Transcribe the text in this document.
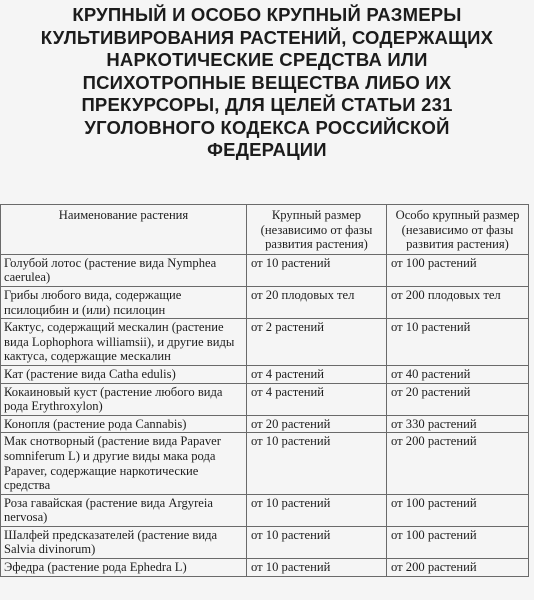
КРУПНЫЙ И ОСОБО КРУПНЫЙ РАЗМЕРЫ
КУЛЬТИВИРОВАНИЯ РАСТЕНИЙ, СОДЕРЖАЩИХ
НАРКОТИЧЕСКИЕ СРЕДСТВА ИЛИ
ПСИХОТРОПНЫЕ ВЕЩЕСТВА ЛИБО ИХ
ПРЕКУРСОРЫ, ДЛЯ ЦЕЛЕЙ СТАТЬИ 231
УГОЛОВНОГО КОДЕКСА РОССИЙСКОЙ
ФЕДЕРАЦИИ
Наименование растения	Крупный размер (независимо от фазы развития растения)	Особо крупный размер (независимо от фазы развития растения)
Голубой лотос (растение вида Nymphea caerulea)	от 10 растений	от 100 растений
Грибы любого вида, содержащие псилоцибин и (или) псилоцин	от 20 плодовых тел	от 200 плодовых тел
Кактус, содержащий мескалин (растение вида Lophophora williamsii), и другие виды кактуса, содержащие мескалин	от 2 растений	от 10 растений
Кат (растение вида Catha edulis)	от 4 растений	от 40 растений
Кокаиновый куст (растение любого вида рода Erythroxylon)	от 4 растений	от 20 растений
Конопля (растение рода Cannabis)	от 20 растений	от 330 растений
Мак снотворный (растение вида Papaver somniferum L) и другие виды мака рода Papaver, содержащие наркотические средства	от 10 растений	от 200 растений
Роза гавайская (растение вида Argyreia nervosa)	от 10 растений	от 100 растений
Шалфей предсказателей (растение вида Salvia divinorum)	от 10 растений	от 100 растений
Эфедра (растение рода Ephedra L)	от 10 растений	от 200 растений
